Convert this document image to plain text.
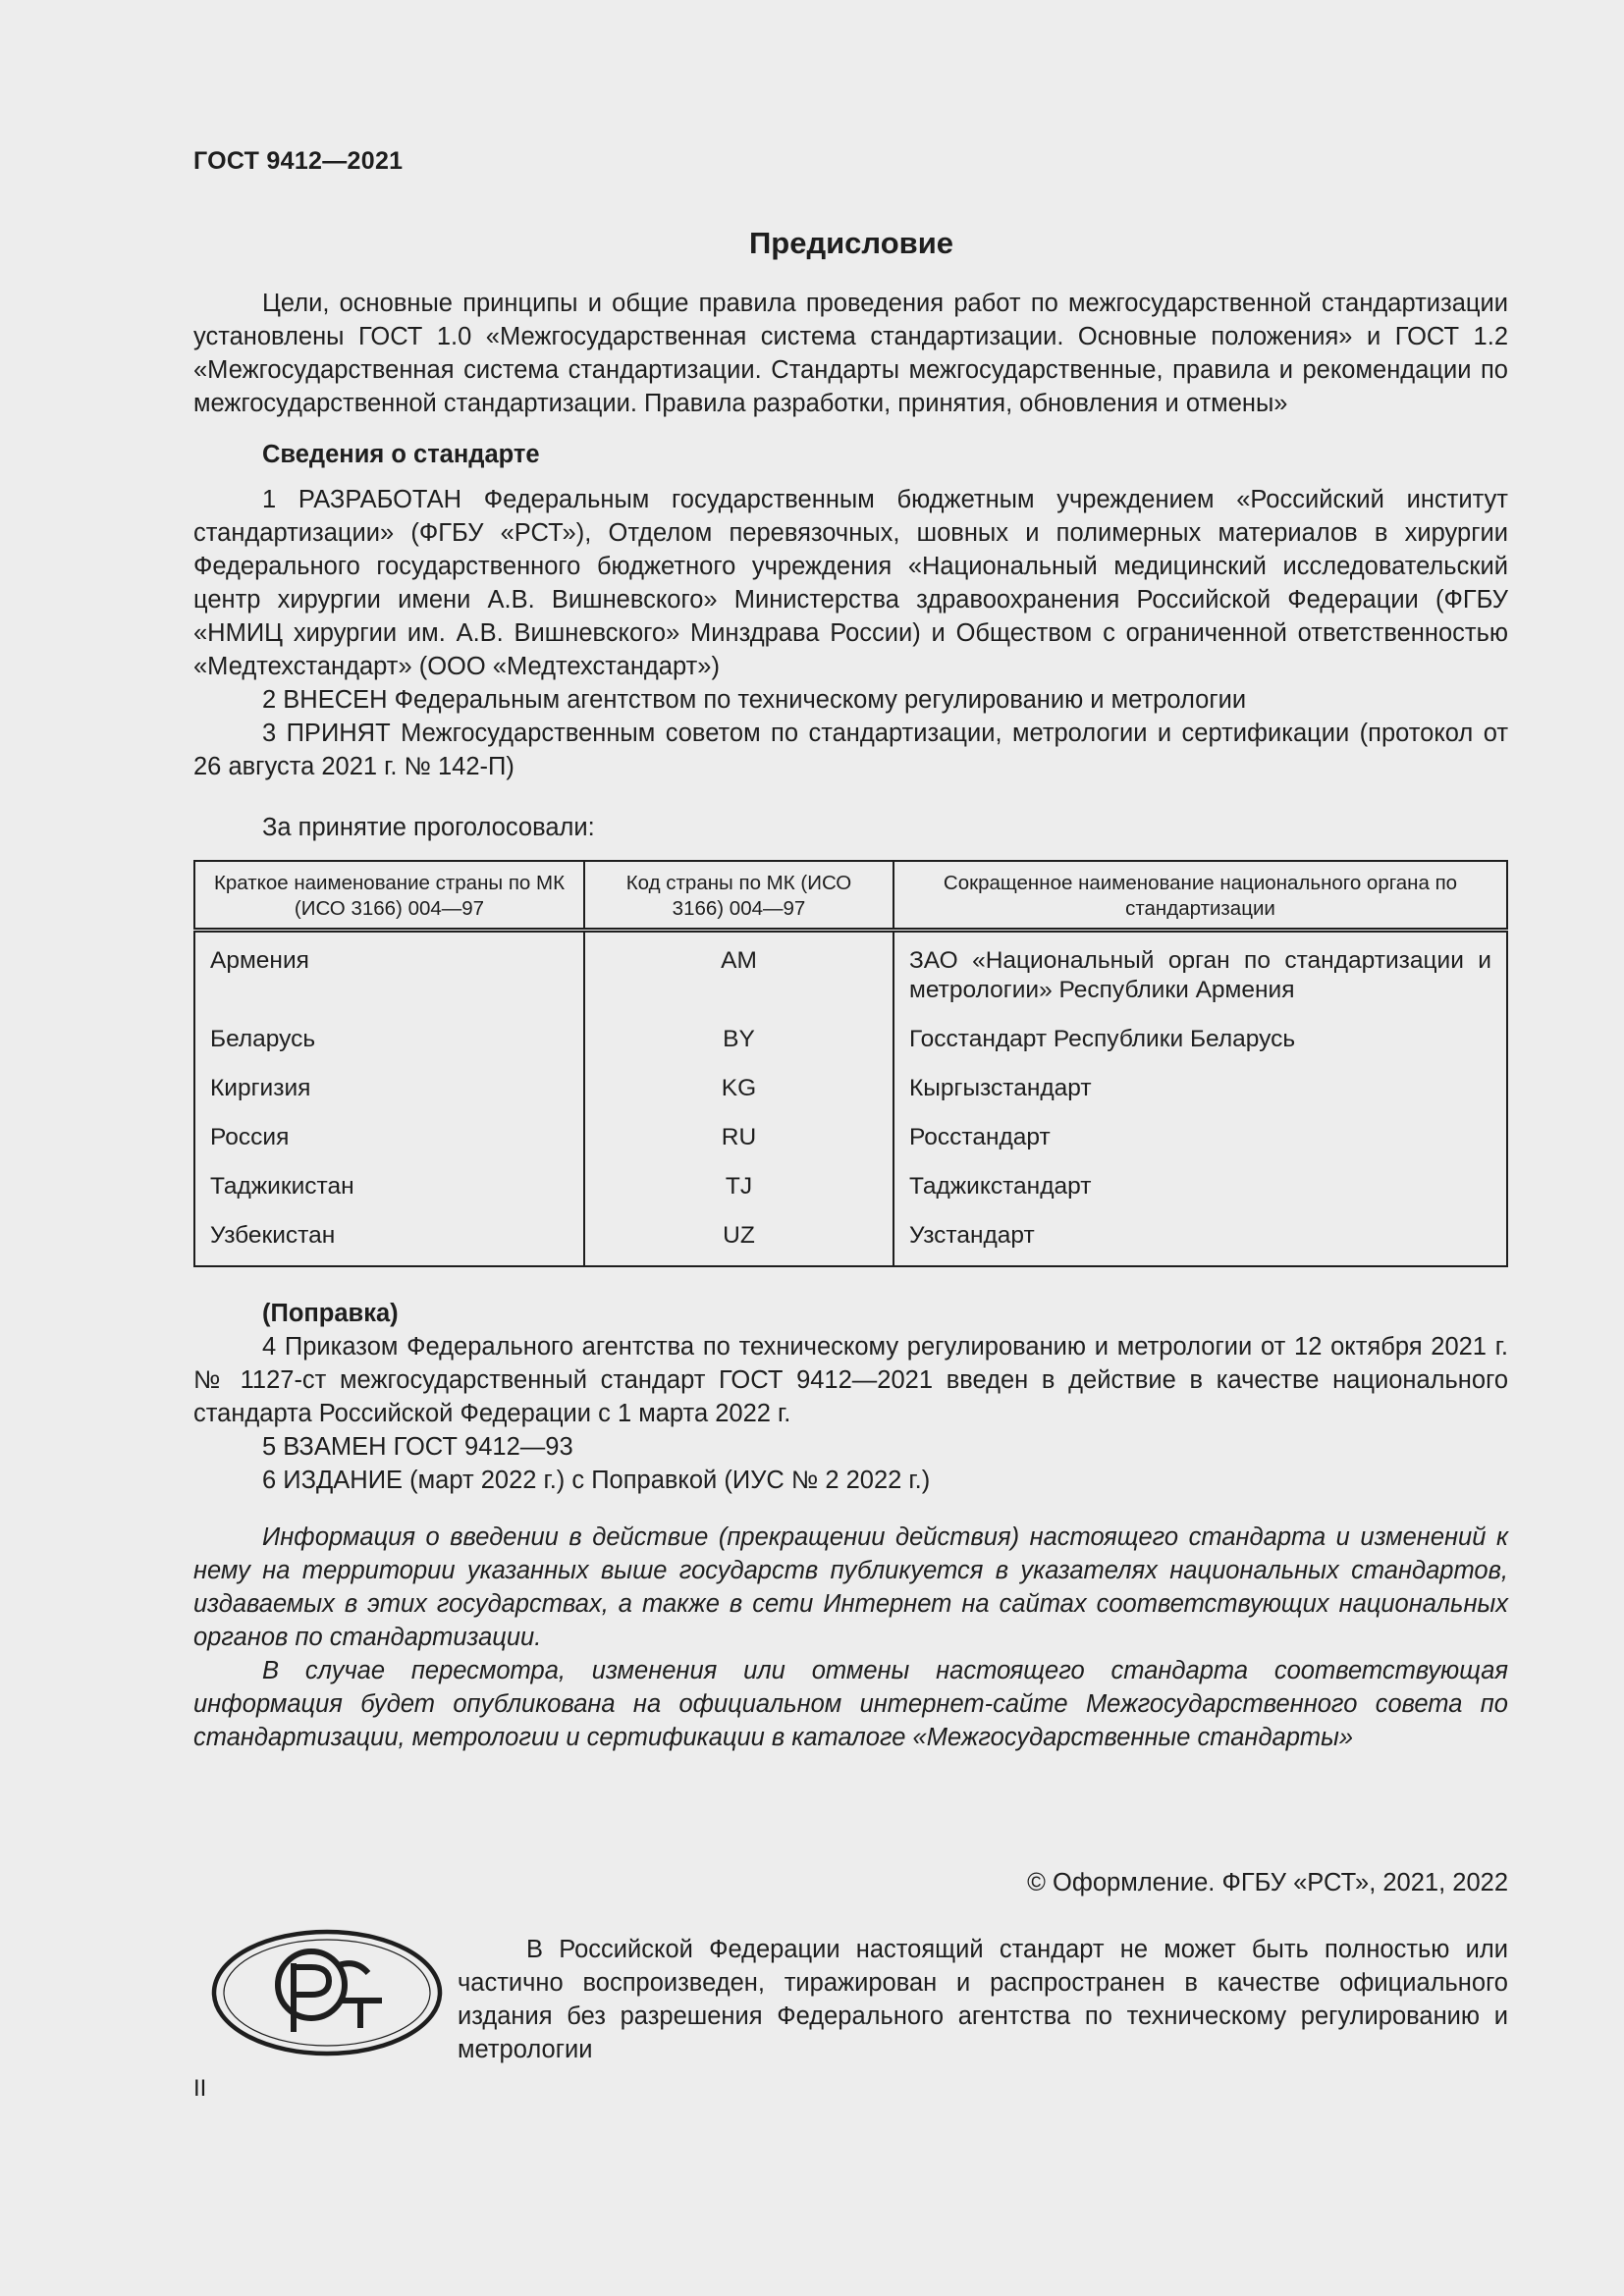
ГОСТ 9412—2021
Предисловие

Цели, основные принципы и общие правила проведения работ по межгосударственной стандартизации установлены ГОСТ 1.0 «Межгосударственная система стандартизации. Основные положения» и ГОСТ 1.2 «Межгосударственная система стандартизации. Стандарты межгосударственные, правила и рекомендации по межгосударственной стандартизации. Правила разработки, принятия, обновления и отмены»

Сведения о стандарте

1 РАЗРАБОТАН Федеральным государственным бюджетным учреждением «Российский институт стандартизации» (ФГБУ «РСТ»), Отделом перевязочных, шовных и полимерных материалов в хирургии Федерального государственного бюджетного учреждения «Национальный медицинский исследовательский центр хирургии имени А.В. Вишневского» Министерства здравоохранения Российской Федерации (ФГБУ «НМИЦ хирургии им. А.В. Вишневского» Минздрава России) и Обществом с ограниченной ответственностью «Медтехстандарт» (ООО «Медтехстандарт»)

2 ВНЕСЕН Федеральным агентством по техническому регулированию и метрологии

3 ПРИНЯТ Межгосударственным советом по стандартизации, метрологии и сертификации (протокол от 26 августа 2021 г. № 142-П)

За принятие проголосовали:

Краткое наименование страны по МК (ИСО 3166) 004—97	Код страны по МК (ИСО 3166) 004—97	Сокращенное наименование национального органа по стандартизации
Армения	AM	ЗАО «Национальный орган по стандартизации и метрологии» Республики Армения
Беларусь	BY	Госстандарт Республики Беларусь
Киргизия	KG	Кыргызстандарт
Россия	RU	Росстандарт
Таджикистан	TJ	Таджикстандарт
Узбекистан	UZ	Узстандарт

(Поправка)

4 Приказом Федерального агентства по техническому регулированию и метрологии от 12 октября 2021 г. № 1127-ст межгосударственный стандарт ГОСТ 9412—2021 введен в действие в качестве национального стандарта Российской Федерации с 1 марта 2022 г.

5 ВЗАМЕН ГОСТ 9412—93

6 ИЗДАНИЕ (март 2022 г.) с Поправкой (ИУС № 2 2022 г.)

Информация о введении в действие (прекращении действия) настоящего стандарта и изменений к нему на территории указанных выше государств публикуется в указателях национальных стандартов, издаваемых в этих государствах, а также в сети Интернет на сайтах соответствующих национальных органов по стандартизации.

В случае пересмотра, изменения или отмены настоящего стандарта соответствующая информация будет опубликована на официальном интернет-сайте Межгосударственного совета по стандартизации, метрологии и сертификации в каталоге «Межгосударственные стандарты»

© Оформление. ФГБУ «РСТ», 2021, 2022

В Российской Федерации настоящий стандарт не может быть полностью или частично воспроизведен, тиражирован и распространен в качестве официального издания без разрешения Федерального агентства по техническому регулированию и метрологии

II
